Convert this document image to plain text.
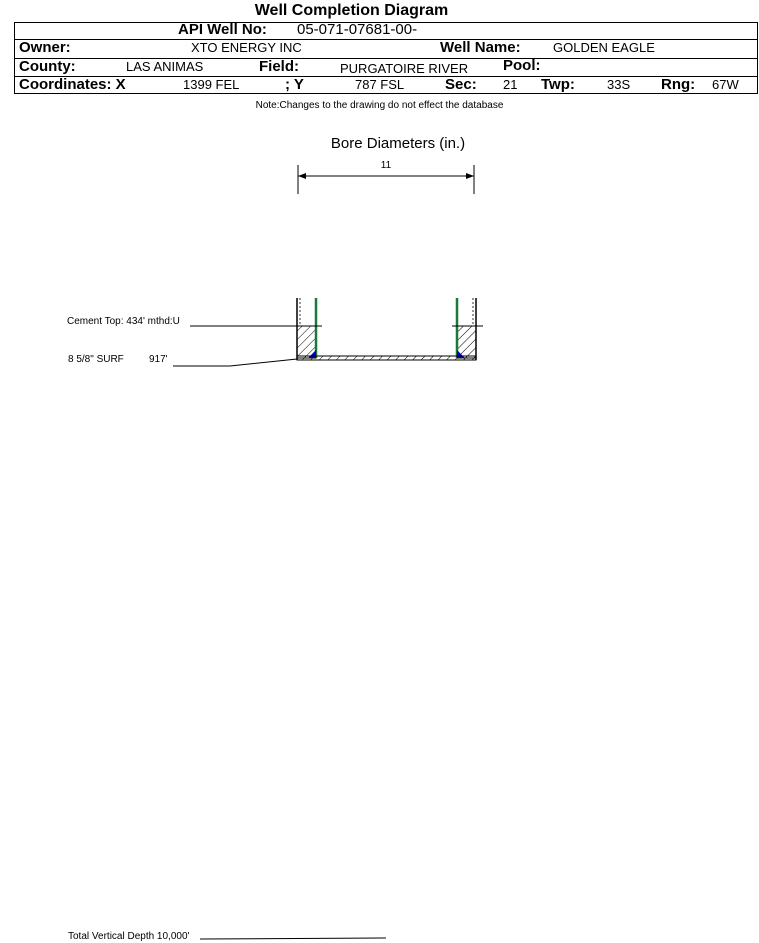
Well Completion Diagram
API Well No: 05-071-07681-00-
Owner:	XTO ENERGY INC	Well Name: GOLDEN EAGLE
County:	LAS ANIMAS	Field:	PURGATOIRE RIVER Pool:
Coordinates: X	1399 FEL	; Y	787 FSL	Sec: 21 Twp: 33S Rng: 67W
Note:Changes to the drawing do not effect the database
Bore Diameters (in.)
11
Cement Top: 434' mthd:U
8 5/8" SURF	917'
Total Vertical Depth 10,000'
